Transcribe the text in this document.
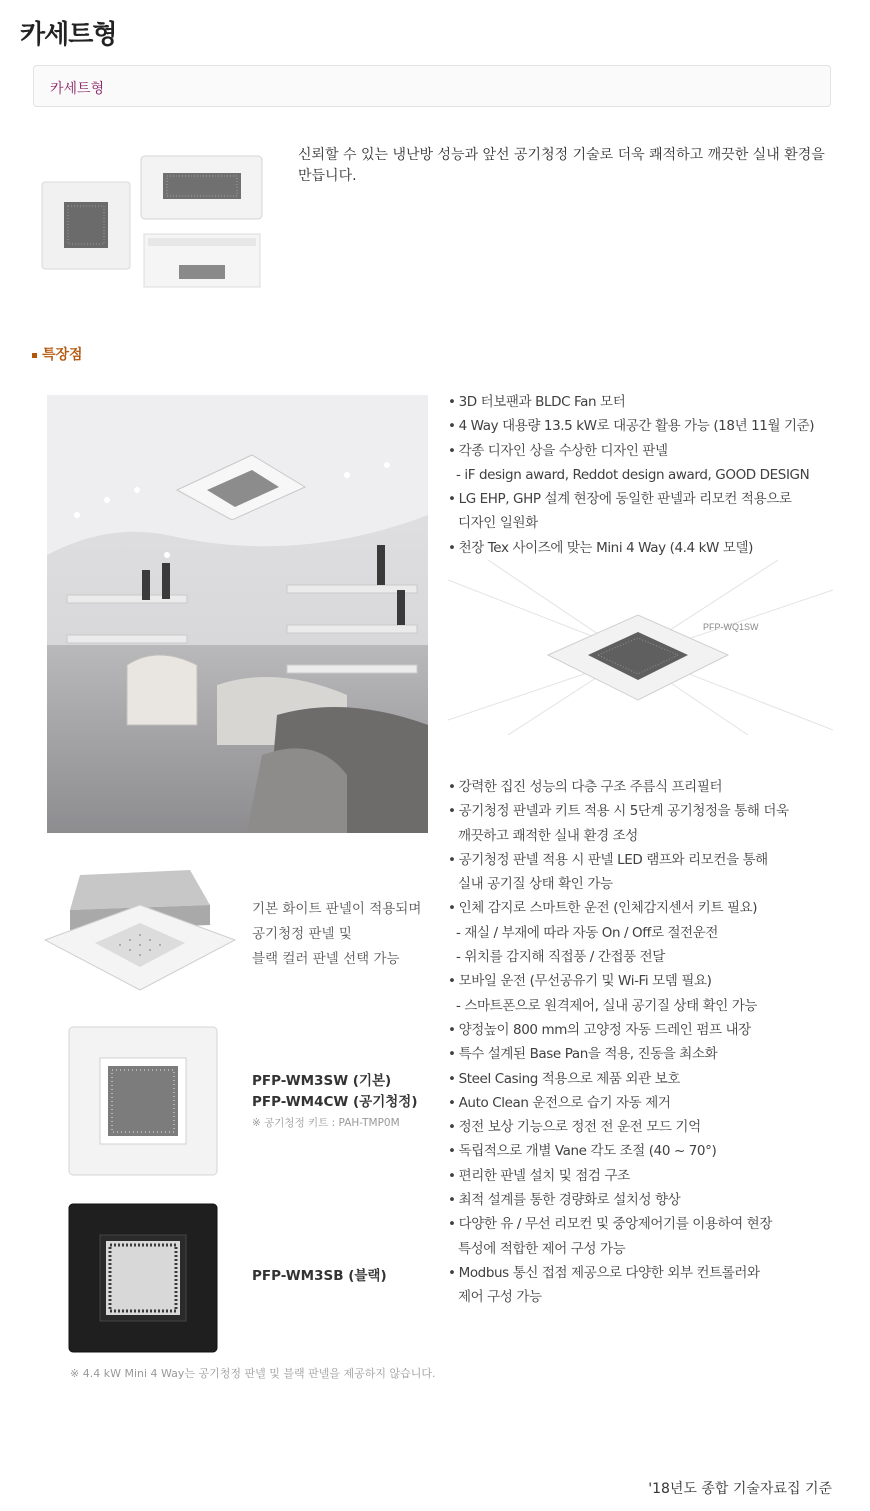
카세트형
카세트형
신뢰할 수 있는 냉난방 성능과 앞선 공기청정 기술로 더욱 쾌적하고 깨끗한 실내 환경을 만듭니다.
특장점
• 3D 터보팬과 BLDC Fan 모터
• 4 Way 대용량 13.5 kW로 대공간 활용 가능 (18년 11월 기준)
• 각종 디자인 상을 수상한 디자인 판넬
- iF design award, Reddot design award, GOOD DESIGN
• LG EHP, GHP 설계 현장에 동일한 판넬과 리모컨 적용으로
디자인 일원화
• 천장 Tex 사이즈에 맞는 Mini 4 Way (4.4 kW 모델)
PFP-WQ1SW
• 강력한 집진 성능의 다층 구조 주름식 프리필터
• 공기청정 판넬과 키트 적용 시 5단계 공기청정을 통해 더욱
깨끗하고 쾌적한 실내 환경 조성
• 공기청정 판넬 적용 시 판넬 LED 램프와 리모컨을 통해
실내 공기질 상태 확인 가능
• 인체 감지로 스마트한 운전 (인체감지센서 키트 필요)
- 재실 / 부재에 따라 자동 On / Off로 절전운전
- 위치를 감지해 직접풍 / 간접풍 전달
• 모바일 운전 (무선공유기 및 Wi-Fi 모뎀 필요)
- 스마트폰으로 원격제어, 실내 공기질 상태 확인 가능
• 양정높이 800 mm의 고양정 자동 드레인 펌프 내장
• 특수 설계된 Base Pan을 적용, 진동을 최소화
• Steel Casing 적용으로 제품 외관 보호
• Auto Clean 운전으로 습기 자동 제거
• 정전 보상 기능으로 정전 전 운전 모드 기억
• 독립적으로 개별 Vane 각도 조절 (40 ~ 70°)
• 편리한 판넬 설치 및 점검 구조
• 최적 설계를 통한 경량화로 설치성 향상
• 다양한 유 / 무선 리모컨 및 중앙제어기를 이용하여 현장
특성에 적합한 제어 구성 가능
• Modbus 통신 접점 제공으로 다양한 외부 컨트롤러와
제어 구성 가능
기본 화이트 판넬이 적용되며
공기청정 판넬 및
블랙 컬러 판넬 선택 가능
PFP-WM3SW (기본)
PFP-WM4CW (공기청정)
※ 공기청정 키트 : PAH-TMP0M
PFP-WM3SB (블랙)
※ 4.4 kW Mini 4 Way는 공기청정 판넬 및 블랙 판넬을 제공하지 않습니다.
'18년도 종합 기술자료집 기준
